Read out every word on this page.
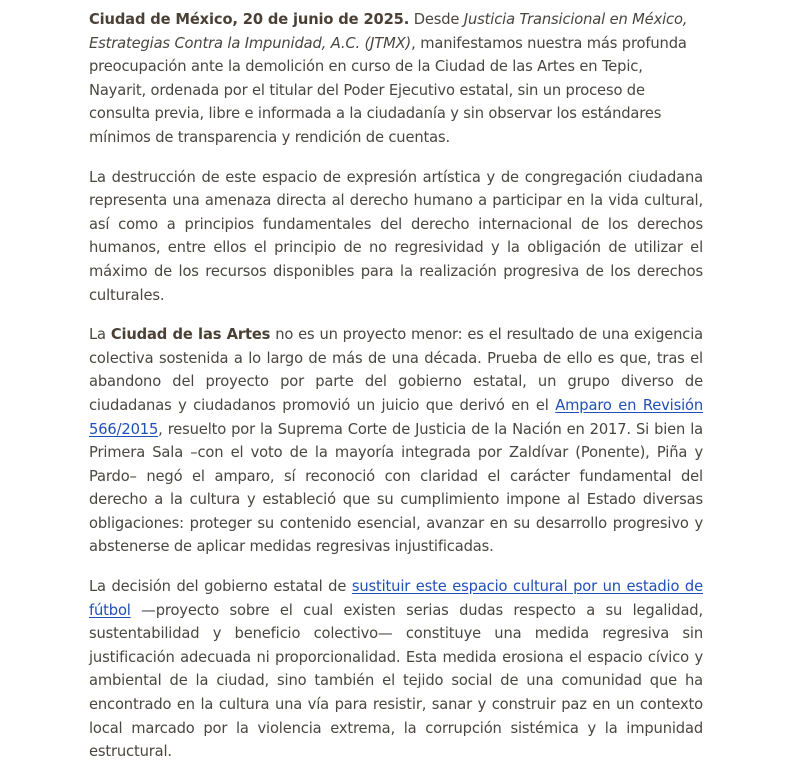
Ciudad de México, 20 de junio de 2025. Desde Justicia Transicional en México, Estrategias Contra la Impunidad, A.C. (JTMX), manifestamos nuestra más profunda preocupación ante la demolición en curso de la Ciudad de las Artes en Tepic, Nayarit, ordenada por el titular del Poder Ejecutivo estatal, sin un proceso de consulta previa, libre e informada a la ciudadanía y sin observar los estándares mínimos de transparencia y rendición de cuentas.

La destrucción de este espacio de expresión artística y de congregación ciudadana representa una amenaza directa al derecho humano a participar en la vida cultural, así como a principios fundamentales del derecho internacional de los derechos humanos, entre ellos el principio de no regresividad y la obligación de utilizar el máximo de los recursos disponibles para la realización progresiva de los derechos culturales.

La Ciudad de las Artes no es un proyecto menor: es el resultado de una exigencia colectiva sostenida a lo largo de más de una década. Prueba de ello es que, tras el abandono del proyecto por parte del gobierno estatal, un grupo diverso de ciudadanas y ciudadanos promovió un juicio que derivó en el Amparo en Revisión 566/2015, resuelto por la Suprema Corte de Justicia de la Nación en 2017. Si bien la Primera Sala –con el voto de la mayoría integrada por Zaldívar (Ponente), Piña y Pardo– negó el amparo, sí reconoció con claridad el carácter fundamental del derecho a la cultura y estableció que su cumplimiento impone al Estado diversas obligaciones: proteger su contenido esencial, avanzar en su desarrollo progresivo y abstenerse de aplicar medidas regresivas injustificadas.

La decisión del gobierno estatal de sustituir este espacio cultural por un estadio de fútbol —proyecto sobre el cual existen serias dudas respecto a su legalidad, sustentabilidad y beneficio colectivo— constituye una medida regresiva sin justificación adecuada ni proporcionalidad. Esta medida erosiona el espacio cívico y ambiental de la ciudad, sino también el tejido social de una comunidad que ha encontrado en la cultura una vía para resistir, sanar y construir paz en un contexto local marcado por la violencia extrema, la corrupción sistémica y la impunidad estructural.
